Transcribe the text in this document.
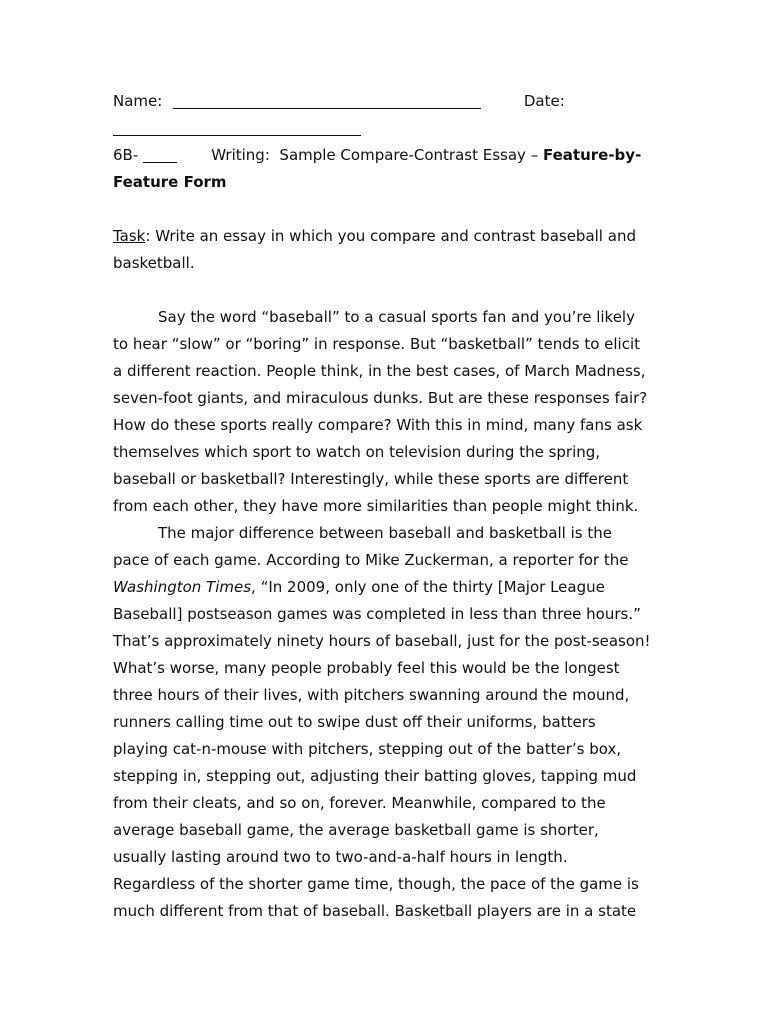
Name:	Date:
6B-	Writing: Sample Compare-Contrast Essay – Feature-by-
Feature Form
Task: Write an essay in which you compare and contrast baseball and
basketball.

Say the word “baseball” to a casual sports fan and you’re likely
to hear “slow” or “boring” in response. But “basketball” tends to elicit
a different reaction. People think, in the best cases, of March Madness,
seven-foot giants, and miraculous dunks. But are these responses fair?
How do these sports really compare? With this in mind, many fans ask
themselves which sport to watch on television during the spring,
baseball or basketball? Interestingly, while these sports are different
from each other, they have more similarities than people might think.

The major difference between baseball and basketball is the
pace of each game. According to Mike Zuckerman, a reporter for the
Washington Times, “In 2009, only one of the thirty [Major League
Baseball] postseason games was completed in less than three hours.”
That’s approximately ninety hours of baseball, just for the post-season!
What’s worse, many people probably feel this would be the longest
three hours of their lives, with pitchers swanning around the mound,
runners calling time out to swipe dust off their uniforms, batters
playing cat-n-mouse with pitchers, stepping out of the batter’s box,
stepping in, stepping out, adjusting their batting gloves, tapping mud
from their cleats, and so on, forever. Meanwhile, compared to the
average baseball game, the average basketball game is shorter,
usually lasting around two to two-and-a-half hours in length.
Regardless of the shorter game time, though, the pace of the game is
much different from that of baseball. Basketball players are in a state
